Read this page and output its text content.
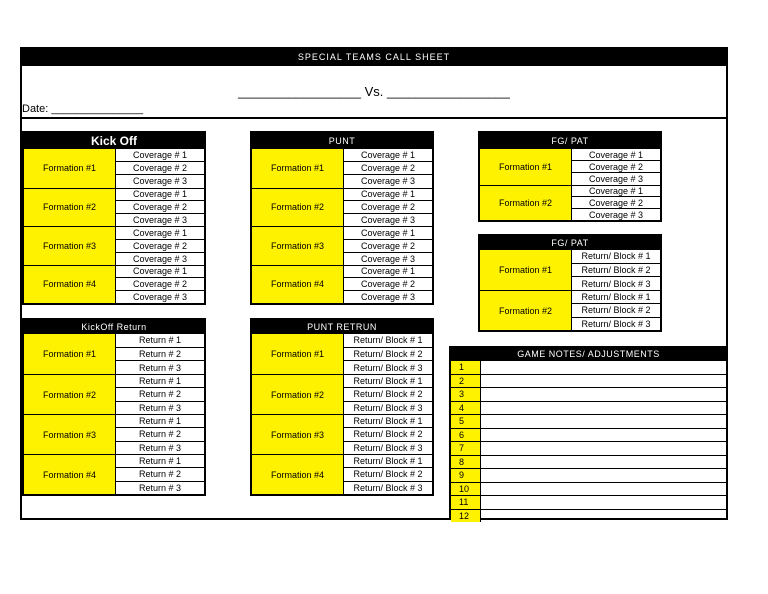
SPECIAL TEAMS CALL SHEET
_________________ Vs. _________________
Date: _______________
Kick Off
Formation #1
Coverage # 1
Coverage # 2
Coverage # 3
Formation #2
Coverage # 1
Coverage # 2
Coverage # 3
Formation #3
Coverage # 1
Coverage # 2
Coverage # 3
Formation #4
Coverage # 1
Coverage # 2
Coverage # 3
PUNT
Formation #1
Coverage # 1
Coverage # 2
Coverage # 3
Formation #2
Coverage # 1
Coverage # 2
Coverage # 3
Formation #3
Coverage # 1
Coverage # 2
Coverage # 3
Formation #4
Coverage # 1
Coverage # 2
Coverage # 3
FG/ PAT
Formation #1
Coverage # 1
Coverage # 2
Coverage # 3
Formation #2
Coverage # 1
Coverage # 2
Coverage # 3
FG/ PAT
Formation #1
Return/ Block # 1
Return/ Block # 2
Return/ Block # 3
Formation #2
Return/ Block # 1
Return/ Block # 2
Return/ Block # 3
KickOff Return
Formation #1
Return # 1
Return # 2
Return # 3
Formation #2
Return # 1
Return # 2
Return # 3
Formation #3
Return # 1
Return # 2
Return # 3
Formation #4
Return # 1
Return # 2
Return # 3
PUNT RETRUN
Formation #1
Return/ Block # 1
Return/ Block # 2
Return/ Block # 3
Formation #2
Return/ Block # 1
Return/ Block # 2
Return/ Block # 3
Formation #3
Return/ Block # 1
Return/ Block # 2
Return/ Block # 3
Formation #4
Return/ Block # 1
Return/ Block # 2
Return/ Block # 3
GAME NOTES/ ADJUSTMENTS
1
2
3
4
5
6
7
8
9
10
11
12
